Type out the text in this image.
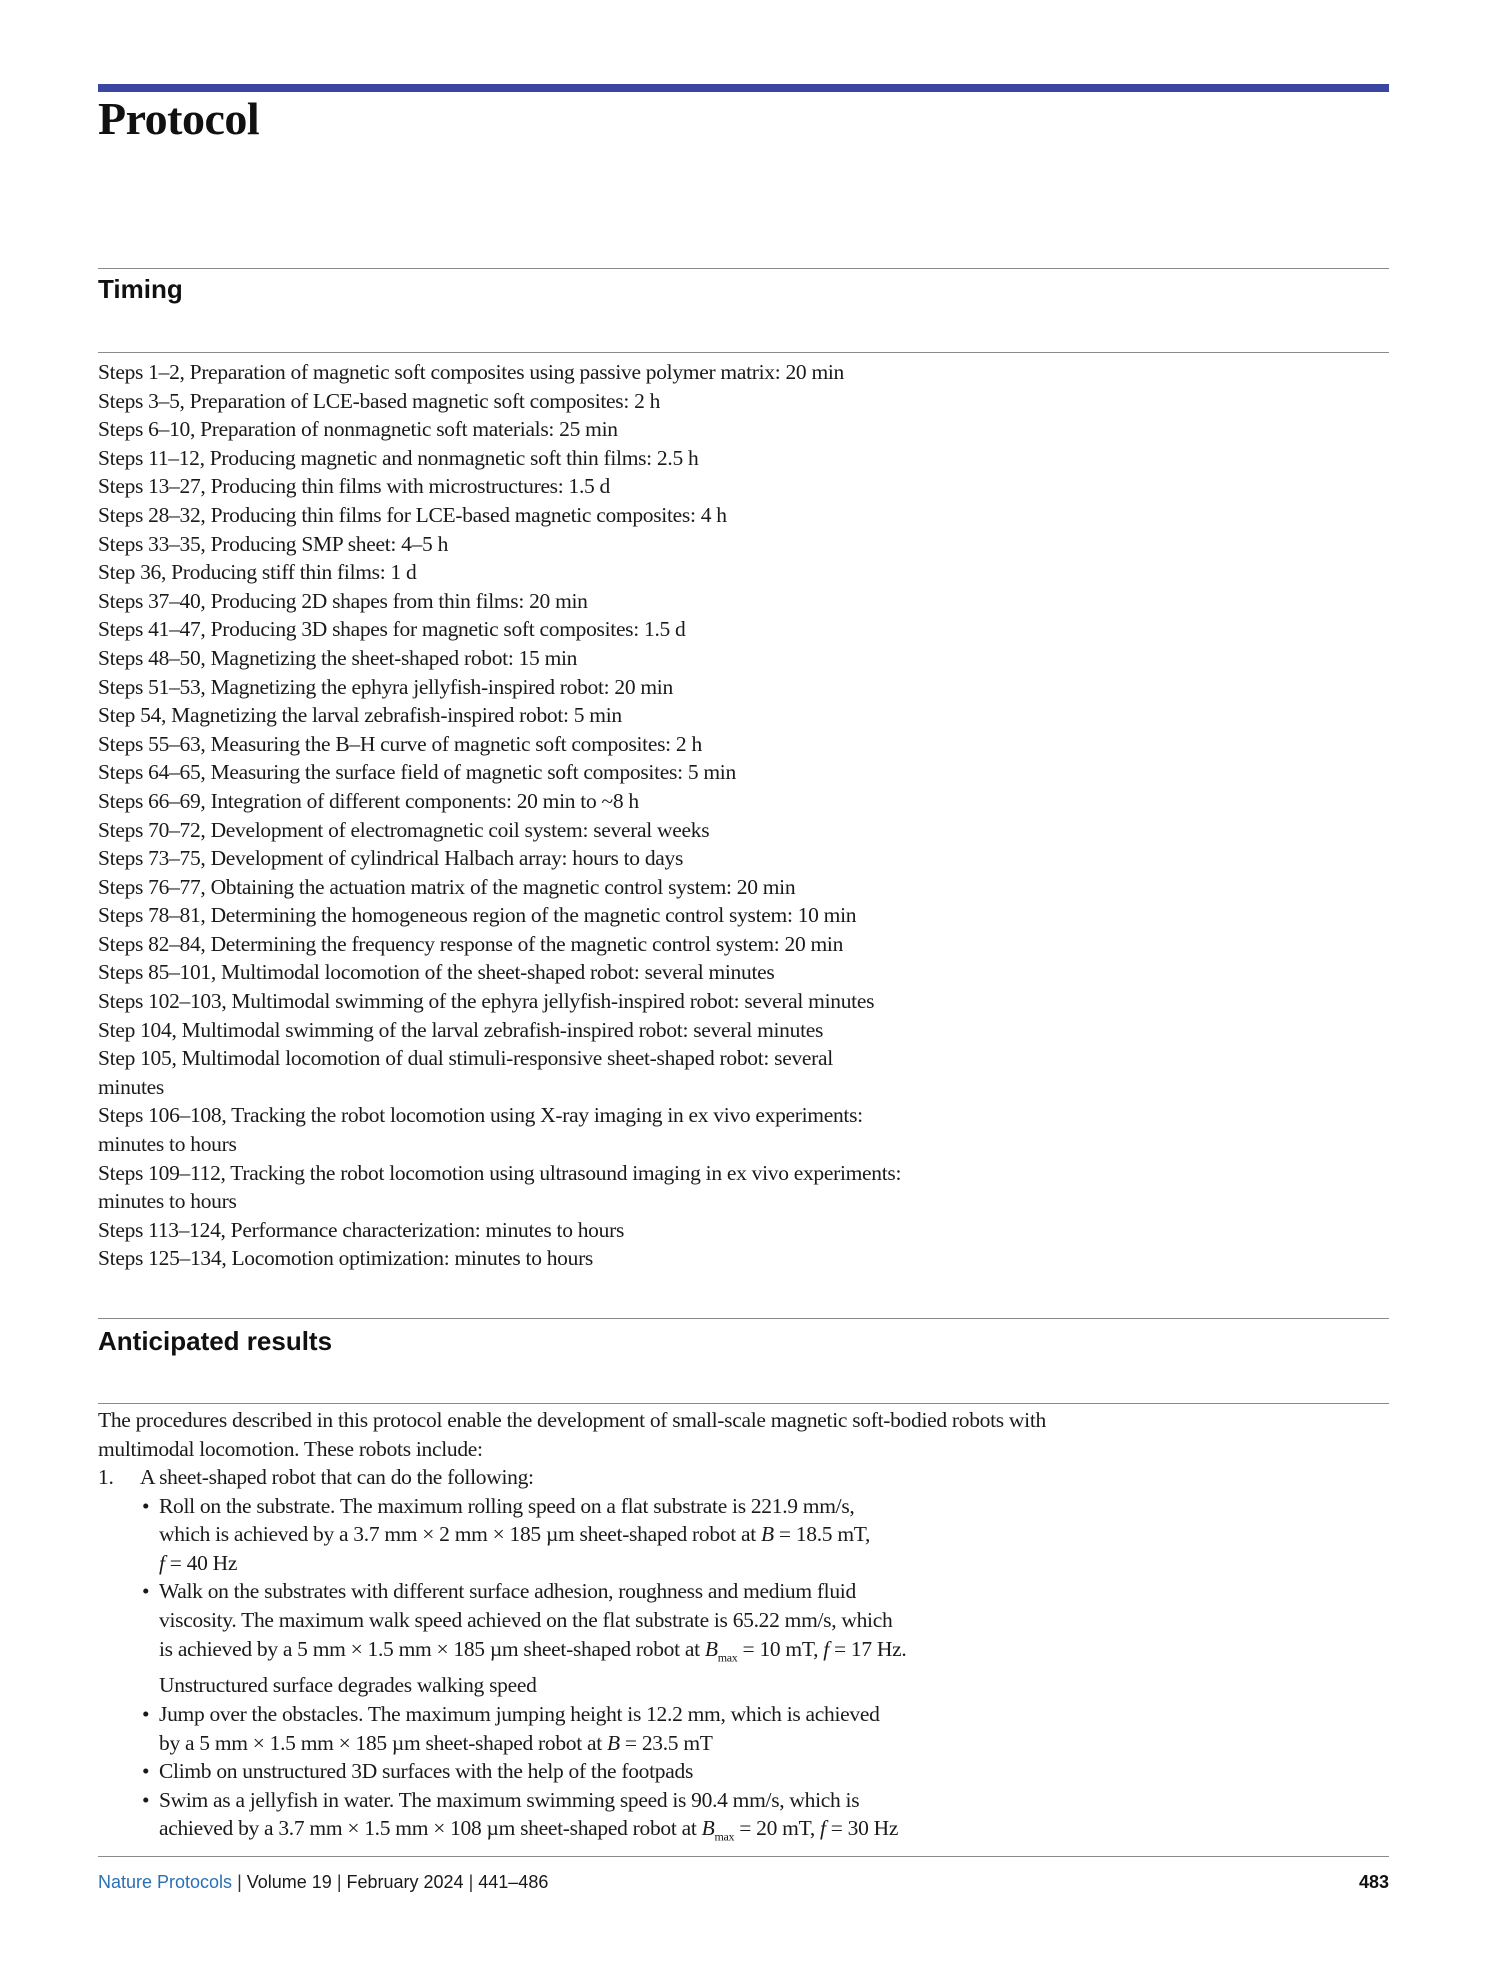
Protocol
Timing
Steps 1–2, Preparation of magnetic soft composites using passive polymer matrix: 20 min
Steps 3–5, Preparation of LCE-based magnetic soft composites: 2 h
Steps 6–10, Preparation of nonmagnetic soft materials: 25 min
Steps 11–12, Producing magnetic and nonmagnetic soft thin films: 2.5 h
Steps 13–27, Producing thin films with microstructures: 1.5 d
Steps 28–32, Producing thin films for LCE-based magnetic composites: 4 h
Steps 33–35, Producing SMP sheet: 4–5 h
Step 36, Producing stiff thin films: 1 d
Steps 37–40, Producing 2D shapes from thin films: 20 min
Steps 41–47, Producing 3D shapes for magnetic soft composites: 1.5 d
Steps 48–50, Magnetizing the sheet-shaped robot: 15 min
Steps 51–53, Magnetizing the ephyra jellyfish-inspired robot: 20 min
Step 54, Magnetizing the larval zebrafish-inspired robot: 5 min
Steps 55–63, Measuring the B–H curve of magnetic soft composites: 2 h
Steps 64–65, Measuring the surface field of magnetic soft composites: 5 min
Steps 66–69, Integration of different components: 20 min to ~8 h
Steps 70–72, Development of electromagnetic coil system: several weeks
Steps 73–75, Development of cylindrical Halbach array: hours to days
Steps 76–77, Obtaining the actuation matrix of the magnetic control system: 20 min
Steps 78–81, Determining the homogeneous region of the magnetic control system: 10 min
Steps 82–84, Determining the frequency response of the magnetic control system: 20 min
Steps 85–101, Multimodal locomotion of the sheet-shaped robot: several minutes
Steps 102–103, Multimodal swimming of the ephyra jellyfish-inspired robot: several minutes
Step 104, Multimodal swimming of the larval zebrafish-inspired robot: several minutes
Step 105, Multimodal locomotion of dual stimuli-responsive sheet-shaped robot: several
minutes
Steps 106–108, Tracking the robot locomotion using X-ray imaging in ex vivo experiments:
minutes to hours
Steps 109–112, Tracking the robot locomotion using ultrasound imaging in ex vivo experiments:
minutes to hours
Steps 113–124, Performance characterization: minutes to hours
Steps 125–134, Locomotion optimization: minutes to hours
Anticipated results

The procedures described in this protocol enable the development of small-scale magnetic soft-bodied robots with multimodal locomotion. These robots include:

1.	A sheet-shaped robot that can do the following:
• Roll on the substrate. The maximum rolling speed on a flat substrate is 221.9 mm/s,
which is achieved by a 3.7 mm × 2 mm × 185 µm sheet-shaped robot at B = 18.5 mT,
f = 40 Hz
• Walk on the substrates with different surface adhesion, roughness and medium fluid
viscosity. The maximum walk speed achieved on the flat substrate is 65.22 mm/s, which
is achieved by a 5 mm × 1.5 mm × 185 µm sheet-shaped robot at $B_{max} = 10$ mT, f = 17 Hz.
Unstructured surface degrades walking speed
• Jump over the obstacles. The maximum jumping height is 12.2 mm, which is achieved
by a 5 mm × 1.5 mm × 185 µm sheet-shaped robot at B = 23.5 mT
• Climb on unstructured 3D surfaces with the help of the footpads
• Swim as a jellyfish in water. The maximum swimming speed is 90.4 mm/s, which is
achieved by a 3.7 mm × 1.5 mm × 108 µm sheet-shaped robot at $B_{max} = 20$ mT, f = 30 Hz
Nature Protocols | Volume 19 | February 2024 | 441–486	483
